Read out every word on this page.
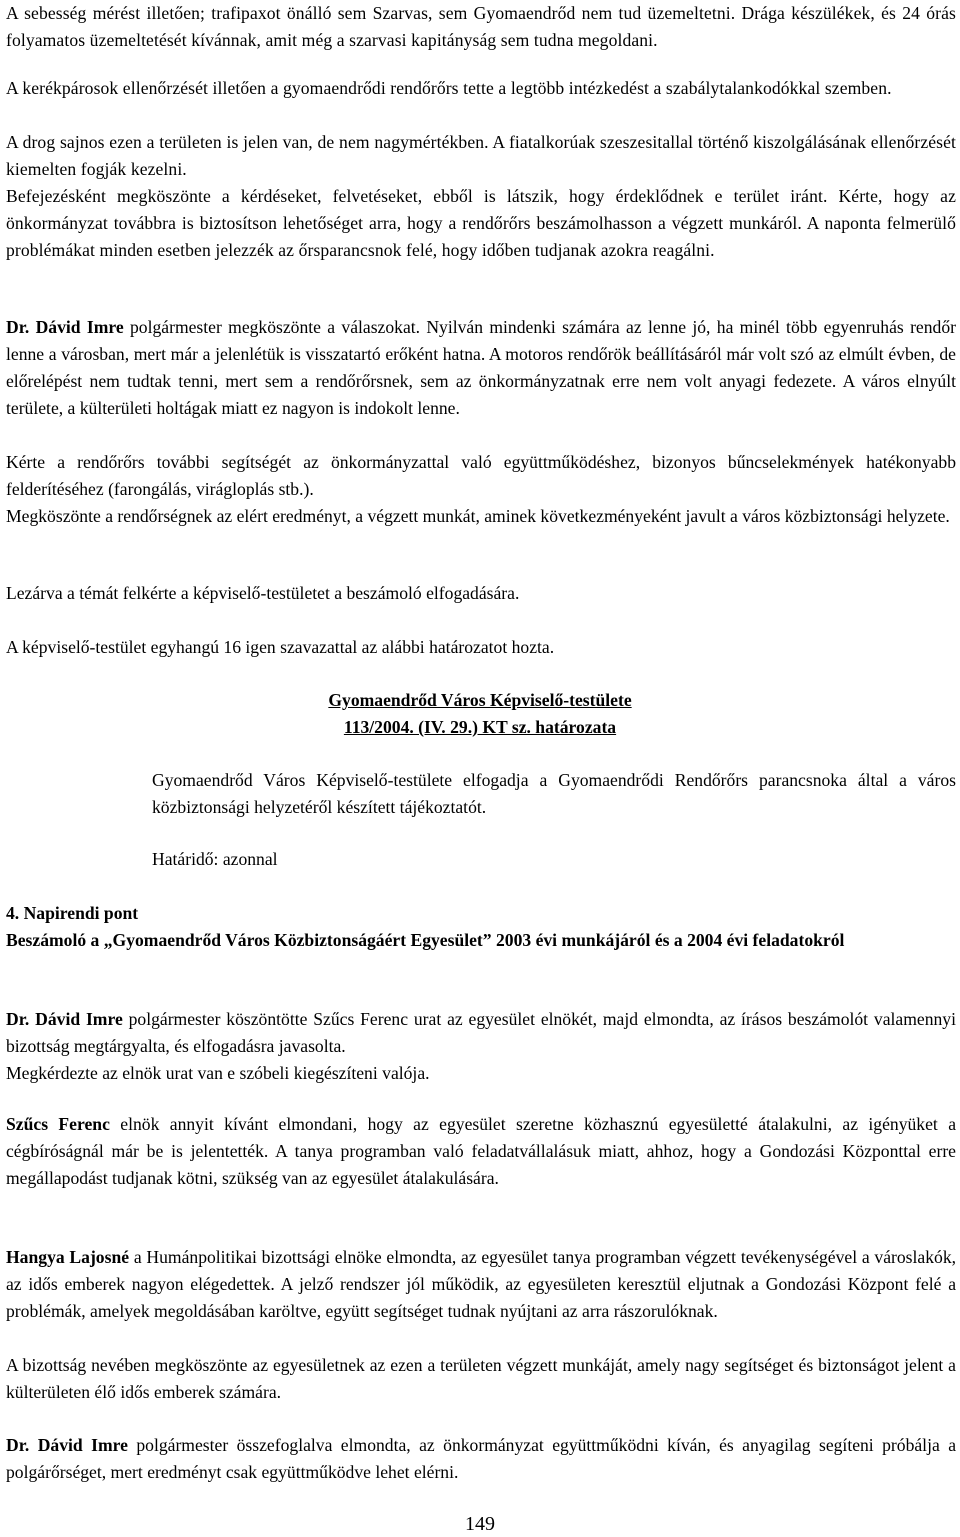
A sebesség mérést illetően; trafipaxot önálló sem Szarvas, sem Gyomaendrőd nem tud üzemeltetni. Drága készülékek, és 24 órás folyamatos üzemeltetését kívánnak, amit még a szarvasi kapitányság sem tudna megoldani.

A kerékpárosok ellenőrzését illetően a gyomaendrődi rendőrőrs tette a legtöbb intézkedést a szabálytalankodókkal szemben.

A drog sajnos ezen a területen is jelen van, de nem nagymértékben. A fiatalkorúak szeszesitallal történő kiszolgálásának ellenőrzését kiemelten fogják kezelni.

Befejezésként megköszönte a kérdéseket, felvetéseket, ebből is látszik, hogy érdeklődnek e terület iránt. Kérte, hogy az önkormányzat továbbra is biztosítson lehetőséget arra, hogy a rendőrőrs beszámolhasson a végzett munkáról. A naponta felmerülő problémákat minden esetben jelezzék az őrsparancsnok felé, hogy időben tudjanak azokra reagálni.

Dr. Dávid Imre polgármester megköszönte a válaszokat. Nyilván mindenki számára az lenne jó, ha minél több egyenruhás rendőr lenne a városban, mert már a jelenlétük is visszatartó erőként hatna. A motoros rendőrök beállításáról már volt szó az elmúlt évben, de előrelépést nem tudtak tenni, mert sem a rendőrőrsnek, sem az önkormányzatnak erre nem volt anyagi fedezete. A város elnyúlt területe, a külterületi holtágak miatt ez nagyon is indokolt lenne.

Kérte a rendőrőrs további segítségét az önkormányzattal való együttműködéshez, bizonyos bűncselekmények hatékonyabb felderítéséhez (farongálás, virágloplás stb.).

Megköszönte a rendőrségnek az elért eredményt, a végzett munkát, aminek következményeként javult a város közbiztonsági helyzete.

Lezárva a témát felkérte a képviselő-testületet a beszámoló elfogadására.

A képviselő-testület egyhangú 16 igen szavazattal az alábbi határozatot hozta.

Gyomaendrőd Város Képviselő-testülete
113/2004. (IV. 29.) KT sz. határozata

Gyomaendrőd Város Képviselő-testülete elfogadja a Gyomaendrődi Rendőrőrs parancsnoka által a város közbiztonsági helyzetéről készített tájékoztatót.

Határidő: azonnal

4. Napirendi pont

Beszámoló a „Gyomaendrőd Város Közbiztonságáért Egyesület” 2003 évi munkájáról és a 2004 évi feladatokról

Dr. Dávid Imre polgármester köszöntötte Szűcs Ferenc urat az egyesület elnökét, majd elmondta, az írásos beszámolót valamennyi bizottság megtárgyalta, és elfogadásra javasolta.

Megkérdezte az elnök urat van e szóbeli kiegészíteni valója.

Szűcs Ferenc elnök annyit kívánt elmondani, hogy az egyesület szeretne közhasznú egyesületté átalakulni, az igényüket a cégbíróságnál már be is jelentették. A tanya programban való feladatvállalásuk miatt, ahhoz, hogy a Gondozási Központtal erre megállapodást tudjanak kötni, szükség van az egyesület átalakulására.

Hangya Lajosné a Humánpolitikai bizottsági elnöke elmondta, az egyesület tanya programban végzett tevékenységével a városlakók, az idős emberek nagyon elégedettek. A jelző rendszer jól működik, az egyesületen keresztül eljutnak a Gondozási Központ felé a problémák, amelyek megoldásában karöltve, együtt segítséget tudnak nyújtani az arra rászorulóknak.

A bizottság nevében megköszönte az egyesületnek az ezen a területen végzett munkáját, amely nagy segítséget és biztonságot jelent a külterületen élő idős emberek számára.

Dr. Dávid Imre polgármester összefoglalva elmondta, az önkormányzat együttműködni kíván, és anyagilag segíteni próbálja a polgárőrséget, mert eredményt csak együttműködve lehet elérni.

149
